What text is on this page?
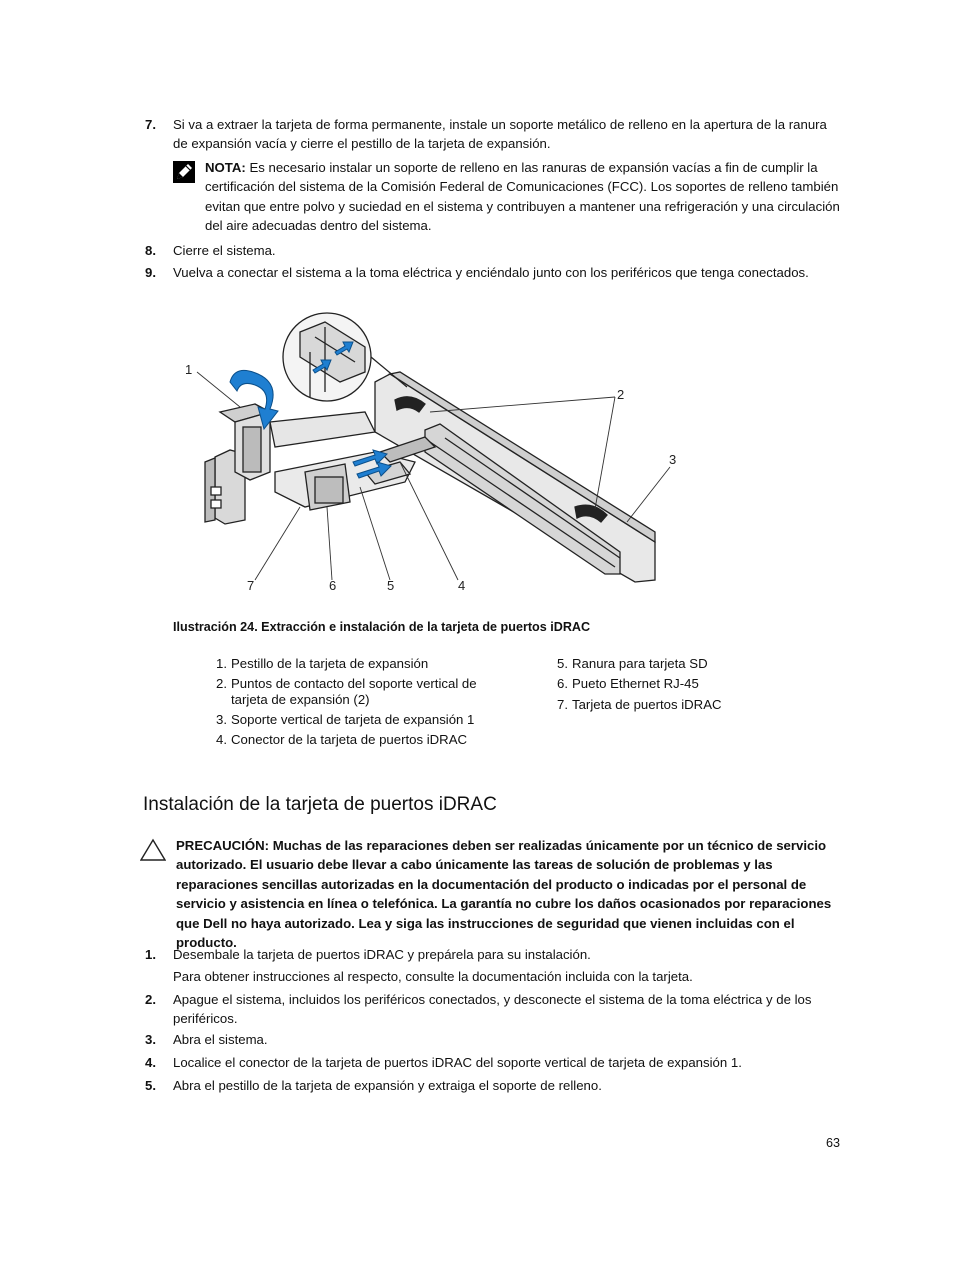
7. Si va a extraer la tarjeta de forma permanente, instale un soporte metálico de relleno en la apertura de la ranura de expansión vacía y cierre el pestillo de la tarjeta de expansión.
NOTA: Es necesario instalar un soporte de relleno en las ranuras de expansión vacías a fin de cumplir la certificación del sistema de la Comisión Federal de Comunicaciones (FCC). Los soportes de relleno también evitan que entre polvo y suciedad en el sistema y contribuyen a mantener una refrigeración y una circulación del aire adecuadas dentro del sistema.
8. Cierre el sistema.
9. Vuelva a conectar el sistema a la toma eléctrica y enciéndalo junto con los periféricos que tenga conectados.
1
2
3
4
5
6
7
Ilustración 24. Extracción e instalación de la tarjeta de puertos iDRAC
1. Pestillo de la tarjeta de expansión
2. Puntos de contacto del soporte vertical de tarjeta de expansión (2)
3. Soporte vertical de tarjeta de expansión 1
4. Conector de la tarjeta de puertos iDRAC
5. Ranura para tarjeta SD
6. Pueto Ethernet RJ-45
7. Tarjeta de puertos iDRAC
Instalación de la tarjeta de puertos iDRAC
PRECAUCIÓN: Muchas de las reparaciones deben ser realizadas únicamente por un técnico de servicio autorizado. El usuario debe llevar a cabo únicamente las tareas de solución de problemas y las reparaciones sencillas autorizadas en la documentación del producto o indicadas por el personal de servicio y asistencia en línea o telefónica. La garantía no cubre los daños ocasionados por reparaciones que Dell no haya autorizado. Lea y siga las instrucciones de seguridad que vienen incluidas con el producto.
1. Desembale la tarjeta de puertos iDRAC y prepárela para su instalación.
Para obtener instrucciones al respecto, consulte la documentación incluida con la tarjeta.
2. Apague el sistema, incluidos los periféricos conectados, y desconecte el sistema de la toma eléctrica y de los periféricos.
3. Abra el sistema.
4. Localice el conector de la tarjeta de puertos iDRAC del soporte vertical de tarjeta de expansión 1.
5. Abra el pestillo de la tarjeta de expansión y extraiga el soporte de relleno.
63
